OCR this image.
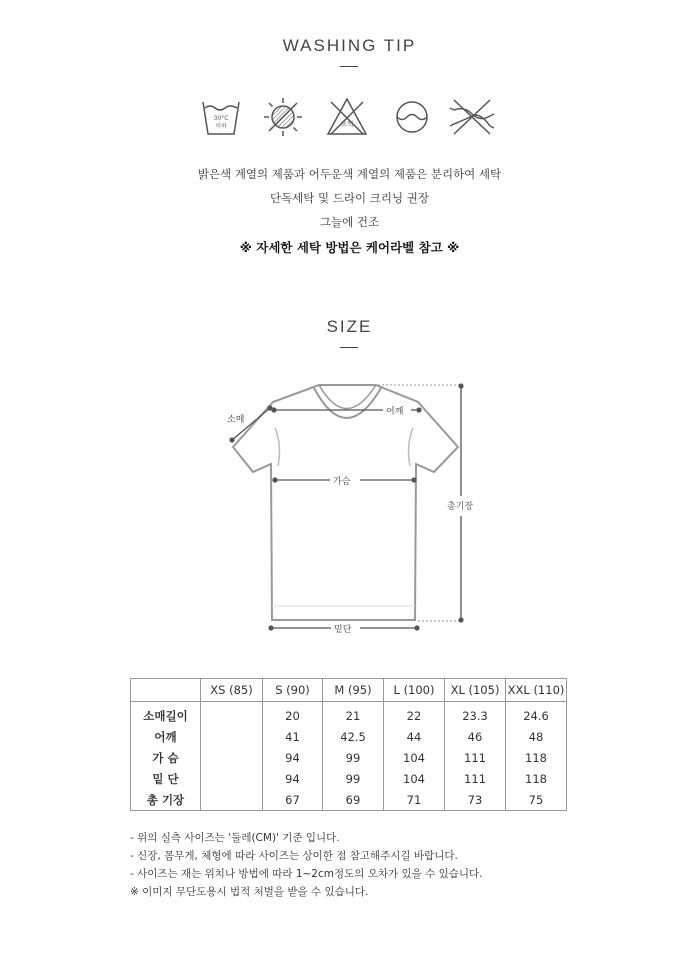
WASHING TIP
30°C
이하	표백
밝은색 계열의 제품과 어두운색 계열의 제품은 분리하여 세탁
단독세탁 및 드라이 크리닝 권장
그늘에 건조
※ 자세한 세탁 방법은 케어라벨 참고 ※
SIZE
소매
어깨
가슴
밑단
총기장
	XS (85)	S (90)	M (95)	L (100)	XL (105)	XXL (110)
소매길이		20	21	22	23.3	24.6
어깨		41	42.5	44	46	48
가 슴		94	99	104	111	118
밑 단		94	99	104	111	118
총 기장		67	69	71	73	75
- 위의 실측 사이즈는 '둘레(CM)' 기준 입니다.
- 신장, 몸무게, 체형에 따라 사이즈는 상이한 점 참고해주시길 바랍니다.
- 사이즈는 재는 위치나 방법에 따라 1~2cm정도의 오차가 있을 수 있습니다.
※ 이미지 무단도용시 법적 처벌을 받을 수 있습니다.
